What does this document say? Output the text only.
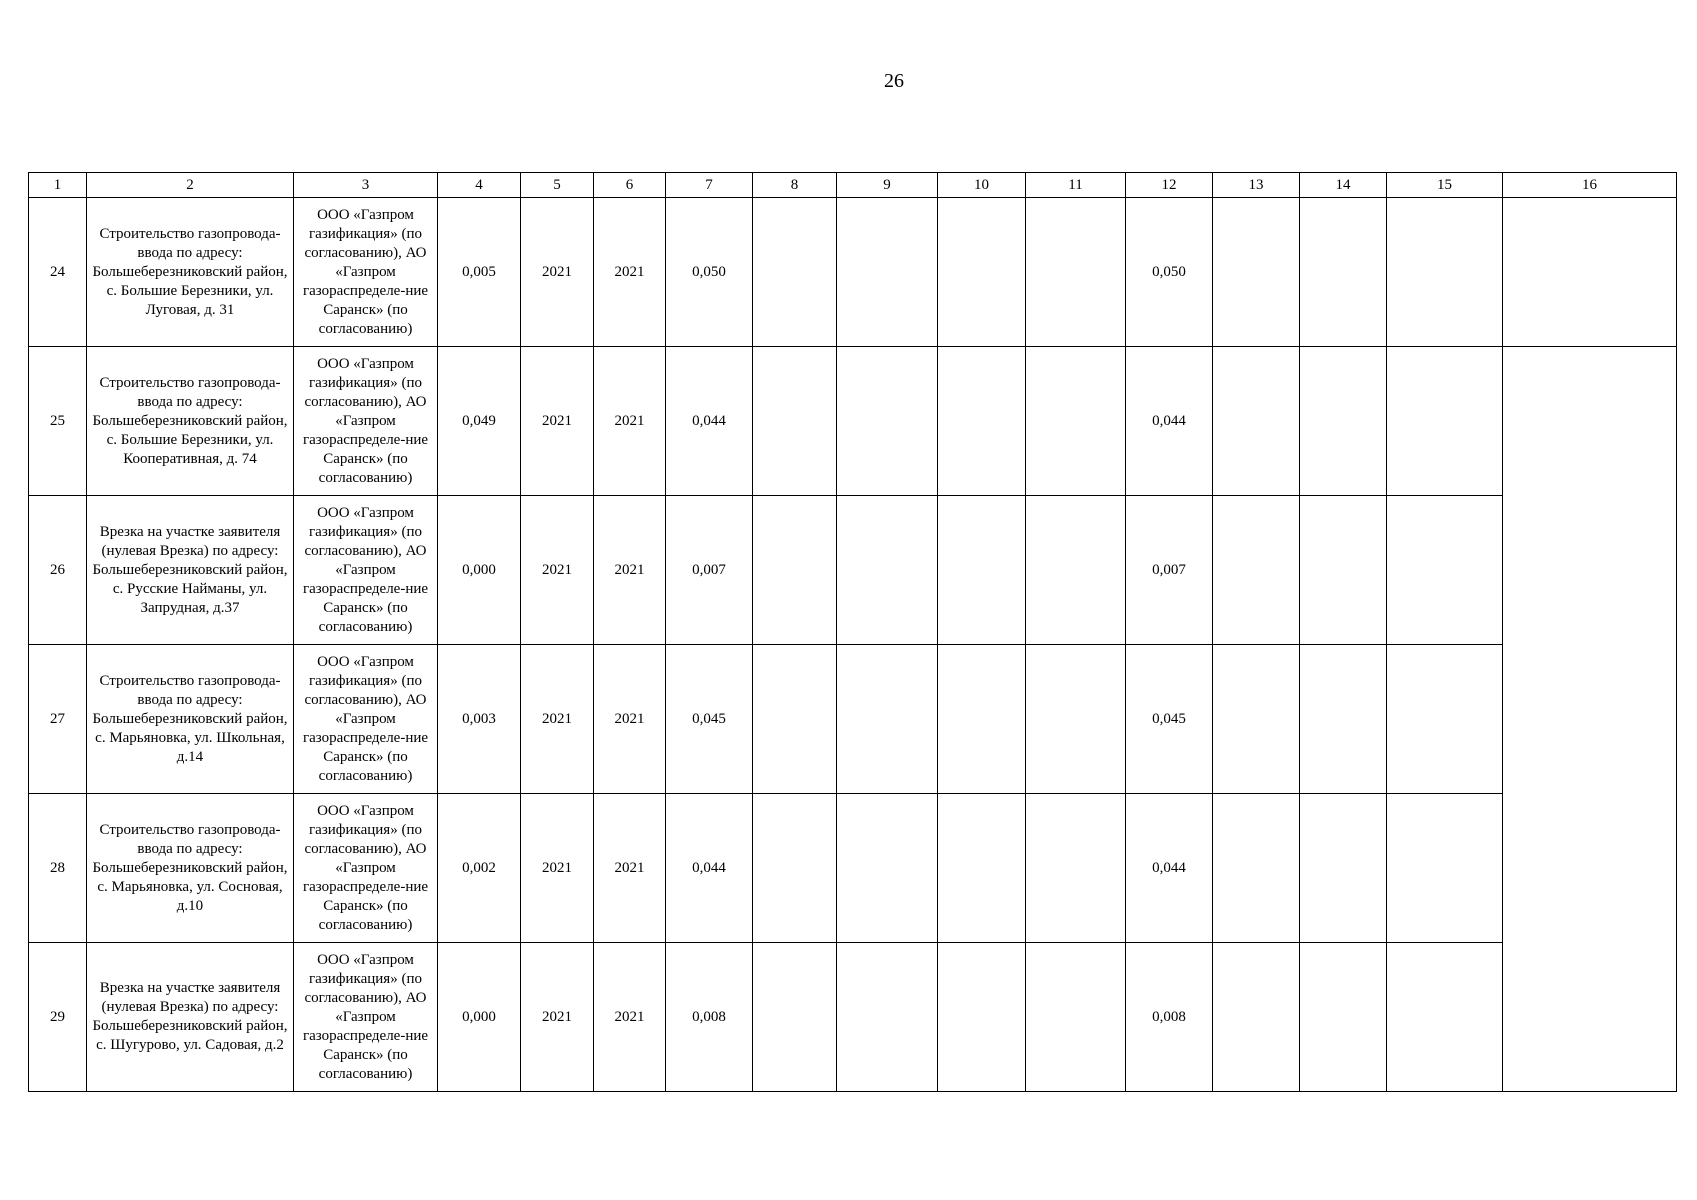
26
1	2	3	4	5	6	7	8	9	10	11	12	13	14	15	16
24	Строительство газопровода-ввода по адресу: Большеберезниковский район, с. Большие Березники, ул. Луговая, д. 31	ООО «Газпром газификация» (по согласованию), АО «Газпром газораспределе-ние Саранск» (по согласованию)	0,005	2021	2021	0,050					0,050				
25	Строительство газопровода-ввода по адресу: Большеберезниковский район, с. Большие Березники, ул. Кооперативная, д. 74	ООО «Газпром газификация» (по согласованию), АО «Газпром газораспределе-ние Саранск» (по согласованию)	0,049	2021	2021	0,044					0,044				
26	Врезка на участке заявителя (нулевая Врезка) по адресу: Большеберезниковский район, с. Русские Найманы, ул. Запрудная, д.37	ООО «Газпром газификация» (по согласованию), АО «Газпром газораспределе-ние Саранск» (по согласованию)	0,000	2021	2021	0,007					0,007				
27	Строительство газопровода-ввода по адресу: Большеберезниковский район, с. Марьяновка, ул. Школьная, д.14	ООО «Газпром газификация» (по согласованию), АО «Газпром газораспределе-ние Саранск» (по согласованию)	0,003	2021	2021	0,045					0,045				
28	Строительство газопровода-ввода по адресу: Большеберезниковский район, с. Марьяновка, ул. Сосновая, д.10	ООО «Газпром газификация» (по согласованию), АО «Газпром газораспределе-ние Саранск» (по согласованию)	0,002	2021	2021	0,044					0,044				
29	Врезка на участке заявителя (нулевая Врезка) по адресу: Большеберезниковский район, с. Шугурово, ул. Садовая, д.2	ООО «Газпром газификация» (по согласованию), АО «Газпром газораспределе-ние Саранск» (по согласованию)	0,000	2021	2021	0,008					0,008				
